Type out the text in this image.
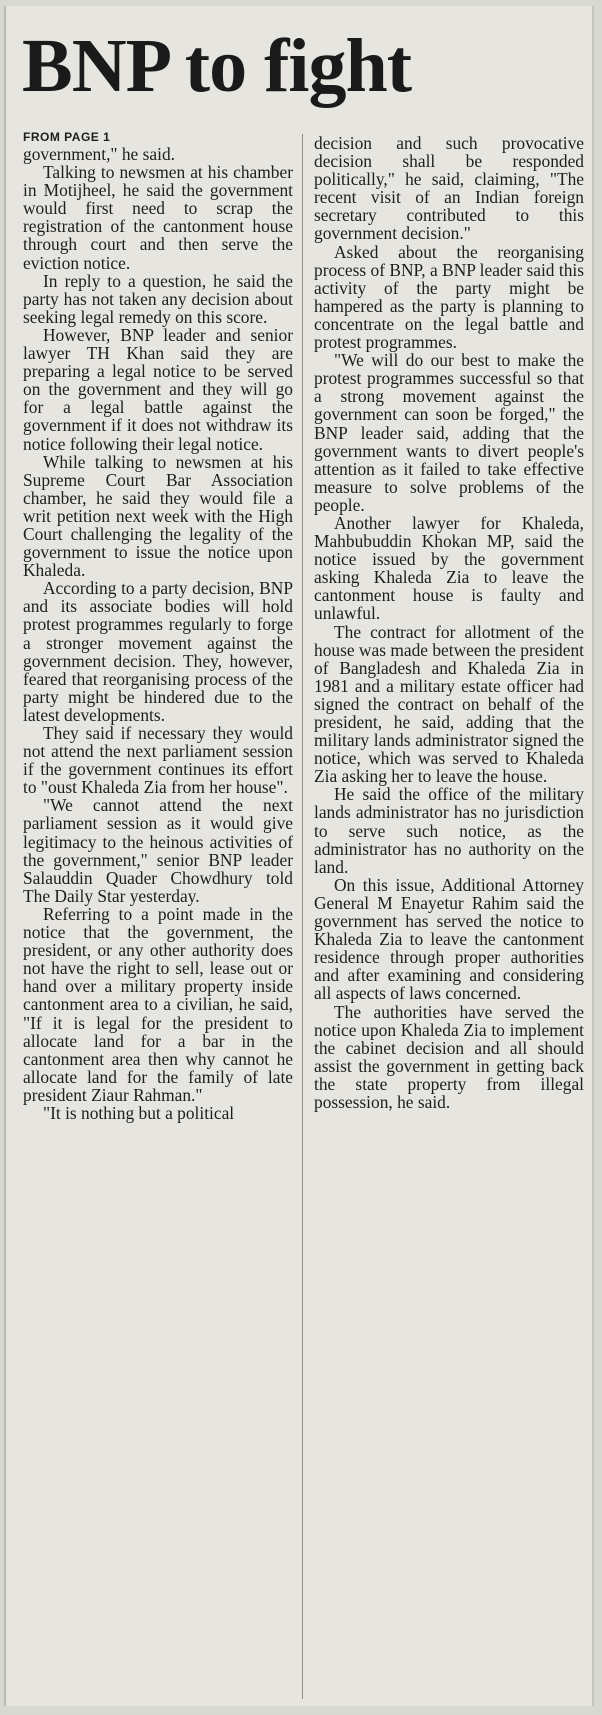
BNP to fight
FROM PAGE 1

government," he said.

Talking to newsmen at his chamber in Motijheel, he said the government would first need to scrap the registration of the cantonment house through court and then serve the eviction notice.

In reply to a question, he said the party has not taken any decision about seeking legal remedy on this score.

However, BNP leader and senior lawyer TH Khan said they are preparing a legal notice to be served on the government and they will go for a legal battle against the government if it does not withdraw its notice following their legal notice.

While talking to newsmen at his Supreme Court Bar Association chamber, he said they would file a writ petition next week with the High Court challenging the legality of the government to issue the notice upon Khaleda.

According to a party decision, BNP and its associate bodies will hold protest programmes regularly to forge a stronger movement against the government decision. They, however, feared that reorganising process of the party might be hindered due to the latest developments.

They said if necessary they would not attend the next parliament session if the government continues its effort to "oust Khaleda Zia from her house".

"We cannot attend the next parliament session as it would give legitimacy to the heinous activities of the government," senior BNP leader Salauddin Quader Chowdhury told The Daily Star yesterday.

Referring to a point made in the notice that the government, the president, or any other authority does not have the right to sell, lease out or hand over a military property inside cantonment area to a civilian, he said, "If it is legal for the president to allocate land for a bar in the cantonment area then why cannot he allocate land for the family of late president Ziaur Rahman."

"It is nothing but a political

decision and such provocative decision shall be responded politically," he said, claiming, "The recent visit of an Indian foreign secretary contributed to this government decision."

Asked about the reorganising process of BNP, a BNP leader said this activity of the party might be hampered as the party is planning to concentrate on the legal battle and protest programmes.

"We will do our best to make the protest programmes successful so that a strong movement against the government can soon be forged," the BNP leader said, adding that the government wants to divert people's attention as it failed to take effective measure to solve problems of the people.

Another lawyer for Khaleda, Mahbubuddin Khokan MP, said the notice issued by the government asking Khaleda Zia to leave the cantonment house is faulty and unlawful.

The contract for allotment of the house was made between the president of Bangladesh and Khaleda Zia in 1981 and a military estate officer had signed the contract on behalf of the president, he said, adding that the military lands administrator signed the notice, which was served to Khaleda Zia asking her to leave the house.

He said the office of the military lands administrator has no jurisdiction to serve such notice, as the administrator has no authority on the land.

On this issue, Additional Attorney General M Enayetur Rahim said the government has served the notice to Khaleda Zia to leave the cantonment residence through proper authorities and after examining and considering all aspects of laws concerned.

The authorities have served the notice upon Khaleda Zia to implement the cabinet decision and all should assist the government in getting back the state property from illegal possession, he said.
